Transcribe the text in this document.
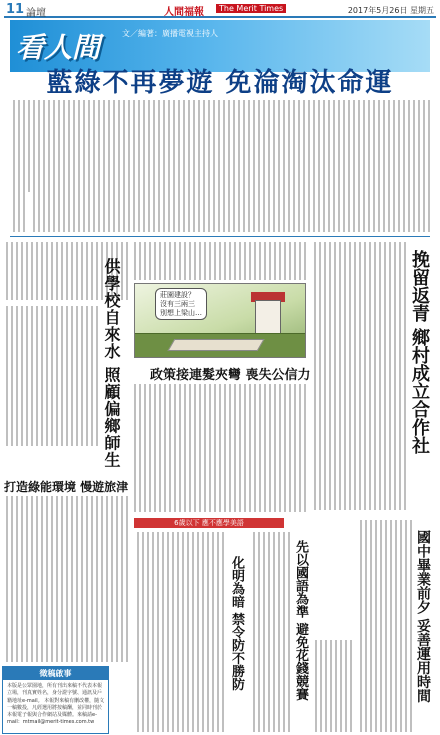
11 論壇	人間福報	The Merit Times	2017年5月26日 星期五
看人間	文／編著：廣播電視主持人
藍綠不再夢遊 免淪淘汰命運
挽留返青 鄉村成立合作社
莊園建設？
沒有三兩三
別想上梁山…
政策接連髮夾彎 喪失公信力
供學校自來水 照顧偏鄉師生
打造綠能環境 慢遊旅津
6歲以下 應不應學美語
化明為暗 禁令防不勝防	先以國語為準 避免花錢競賽	國中畢業前夕 妥善運用時間
徵稿啟事
本版是公眾園地，所有刊出來稿不代表本報立場，刊真實姓名，身分證字號、通訊及戶籍地址e-mail。 本報對來稿有刪改權，隨文一稿數投，凡經選用將按稿酬，並同時刊於本報電子報與合作網站及媒體。來稿請e-mail：mtmail@merit-times.com.tw
